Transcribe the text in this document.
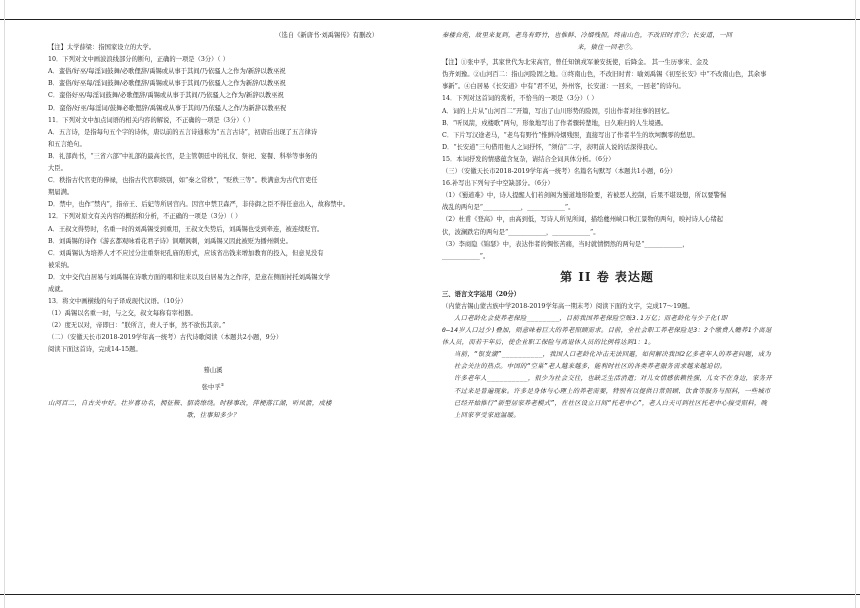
（选自《新唐书·刘禹锡传》有删改）

【注】太学薛梁：指国家设立的大学。

10．下列对文中画波浪线部分的断句，正确的一项是（3分）（ ）

A．蛮俗/好巫/每淫词鼓舞/必歌俚辞/禹锡或从事于其间/乃依骚人之作为/新辞以教巫祝

B．蛮俗/好巫每/淫词鼓舞/必歌俚辞/禹锡或从事于其间/乃依骚人之作为新辞/以教巫祝

C．蛮俗好巫/每淫词鼓舞/必歌俚辞/禹锡或从事于其间/乃依骚人之作为/新辞以教巫祝

D．蛮俗/好巫/每淫词/鼓舞必歌俚辞/禹锡或从事于其间/乃依骚人之作/为新辞以教巫祝

11．下列对文中加点词语的相关内容的解说，不正确的一项是（3分）（ ）

A．五言诗，是指每句五个字的诗体，唐以前的五言诗通称为“五言古诗”，初唐后出现了五言律诗

和五言绝句。

B．礼部尚书，“三省六部”中礼部的最高长官，是主管朝廷中的礼仪、祭祀、宴餐、科举等事务的

大臣。

C．秩指古代官吏的俸禄，也指古代官职级别，如“秦之常秩”，“贬秩三等”。秩满意为古代官吏任

期届满。

D．禁中，也作“禁内”，指帝王、后妃等所居宫内。因宫中禁卫森严，非侍御之臣不得任意出入，故称禁中。

12．下列对原文有关内容的概括和分析，不正确的一项是（3分）（ ）

A．王叔文得势时，名重一时的刘禹锡受到重用，王叔文失势后，刘禹锡也受到牵连，被连续贬官。

B．刘禹锡的诗作《游玄都观咏看花君子诗》讽嘲讽刺，刘禹锡又因此被贬为播州刺史。

C．刘禹锡认为培养人才不应过分注重祭祀孔庙的形式，应该省出钱来增加教育的投入，但意见没有

被采纳。

D．文中交代白居易与刘禹锡在诗歌方面的唱和往来以及白居易为之作序，是意在侧面衬托刘禹锡文学

成就。

13．将文中画横线的句子译成现代汉语。（10分）

（1）禹锡以名重一时，与之交，叔文每称有宰相器。

（2）度无以对，帝即曰：“朕所言，责人子事，然不欲伤其亲。”

（二）（安徽天长市2018-2019学年高一统考）古代诗歌阅读（本题共2小题，9分）

阅读下面这首诗，完成14-15题。

蓦山溪

张中孚①

山河百二，自古关中好。壮岁喜功名，拥征鞍、貂裘缭绕。时移事改，萍梗落江湖，听凤箭，戍楼

歌，往事知多少？

秦楼台苑，故里来复到，老鸟有野竹，也惟鲜、冷烟残照。终南山色，不改旧时青⑦；长安道，一回

来，猿住一回老⑦。

【注】①张中孚，其家世代为北宋高官，曾任知镇戎军兼安抚使，后降金。 其一生历事宋、金及

伪齐刘豫。②山河百二：指山河险固之地。③终南山色，不改旧时青：喻刘禹锡《初至长安》中“不改南山色，其余事事新”。④白居易《长安道》中有“君不见，外州客，长安道：一回来，一回老”的诗句。

14．下列对这首词的赏析，不恰当的一项是（3分）（ ）

A．词的上片从“山河百二”开篇，写出了山川形势的险固，引出作者对往事的回忆。

B．“听凤箭，戍楼歌”两句，形象地写出了作者骤转楚地，日久难归的人生境遇。

C．下片写汉途老马，“老鸟有野竹”惟鲜冷烟残照，直接写出了作者半生的坎坷飘零的愁思。

D．“长安道”三句借用他人之词抒怀，“须信”二字，表明前人说的话深得我心。

15．本词抒发的情感蕴含复杂，请结合全词具体分析。（6分）

（三）（安徽天长市2018-2019学年高一统考）名篇名句默写（本题共1小题，6分）

16.补写出下列句子中空缺部分。（6分）

（1）《蜀道难》中，诗人提醒人们若剑阁为蜀道地形险要，若被恶人控制，后果不堪设想，所以要警惕

战乱的两句是“____________，____________”。

（2）杜甫《登高》中，由高到低，写诗人所见所闻，描绘夔州峡口秋江景物的两句，映衬诗人心绪起

伏，波澜跌宕的两句是“____________，____________”。

（3）李商隐《锦瑟》中，表达作者的惆怅苦痛，当时就情惘然的两句是“____________，

____________”。

第 II 卷 表达题

三、语言文字运用（20分）

（内蒙古锡山蒙古族中学2018-2019学年高一期末考）阅读下面的文字，完成17～19题。

人口老龄化会使养老保险________，目前我国养老保险空账3.1万亿；而老龄化与少子化(即

0—14岁人口过少)叠加，则意味着巨大的养老照顾需求。目前，全社会职工养老保险是3：2个缴费人赡养1个离退休人员，而若干年后，使企业职工保险与离退休人员的比例将达到1：1。

当前，“银发潮”__________，我国人口老龄化冲击无法回避，如何解决我国2亿多老年人的养老问题，成为社会关注的热点。中国的“空巢”老人越来越多，能利时社区的各类养老服务需求越来越迫切。

许多老年人__________，很少为社会交往，也缺乏生活消遣；对儿女情感依赖性强，儿女不在身边，家务开不过来是普遍现象。许多是身体与心理上的养老需要，特别有以提供日常照顾、饮食等服务与照料，一些城市已经开始推行“新型居家养老模式”，在社区设立日间“托老中心”，老人白天可到社区托老中心接受照料，晚上回家享受家庭温暖。
